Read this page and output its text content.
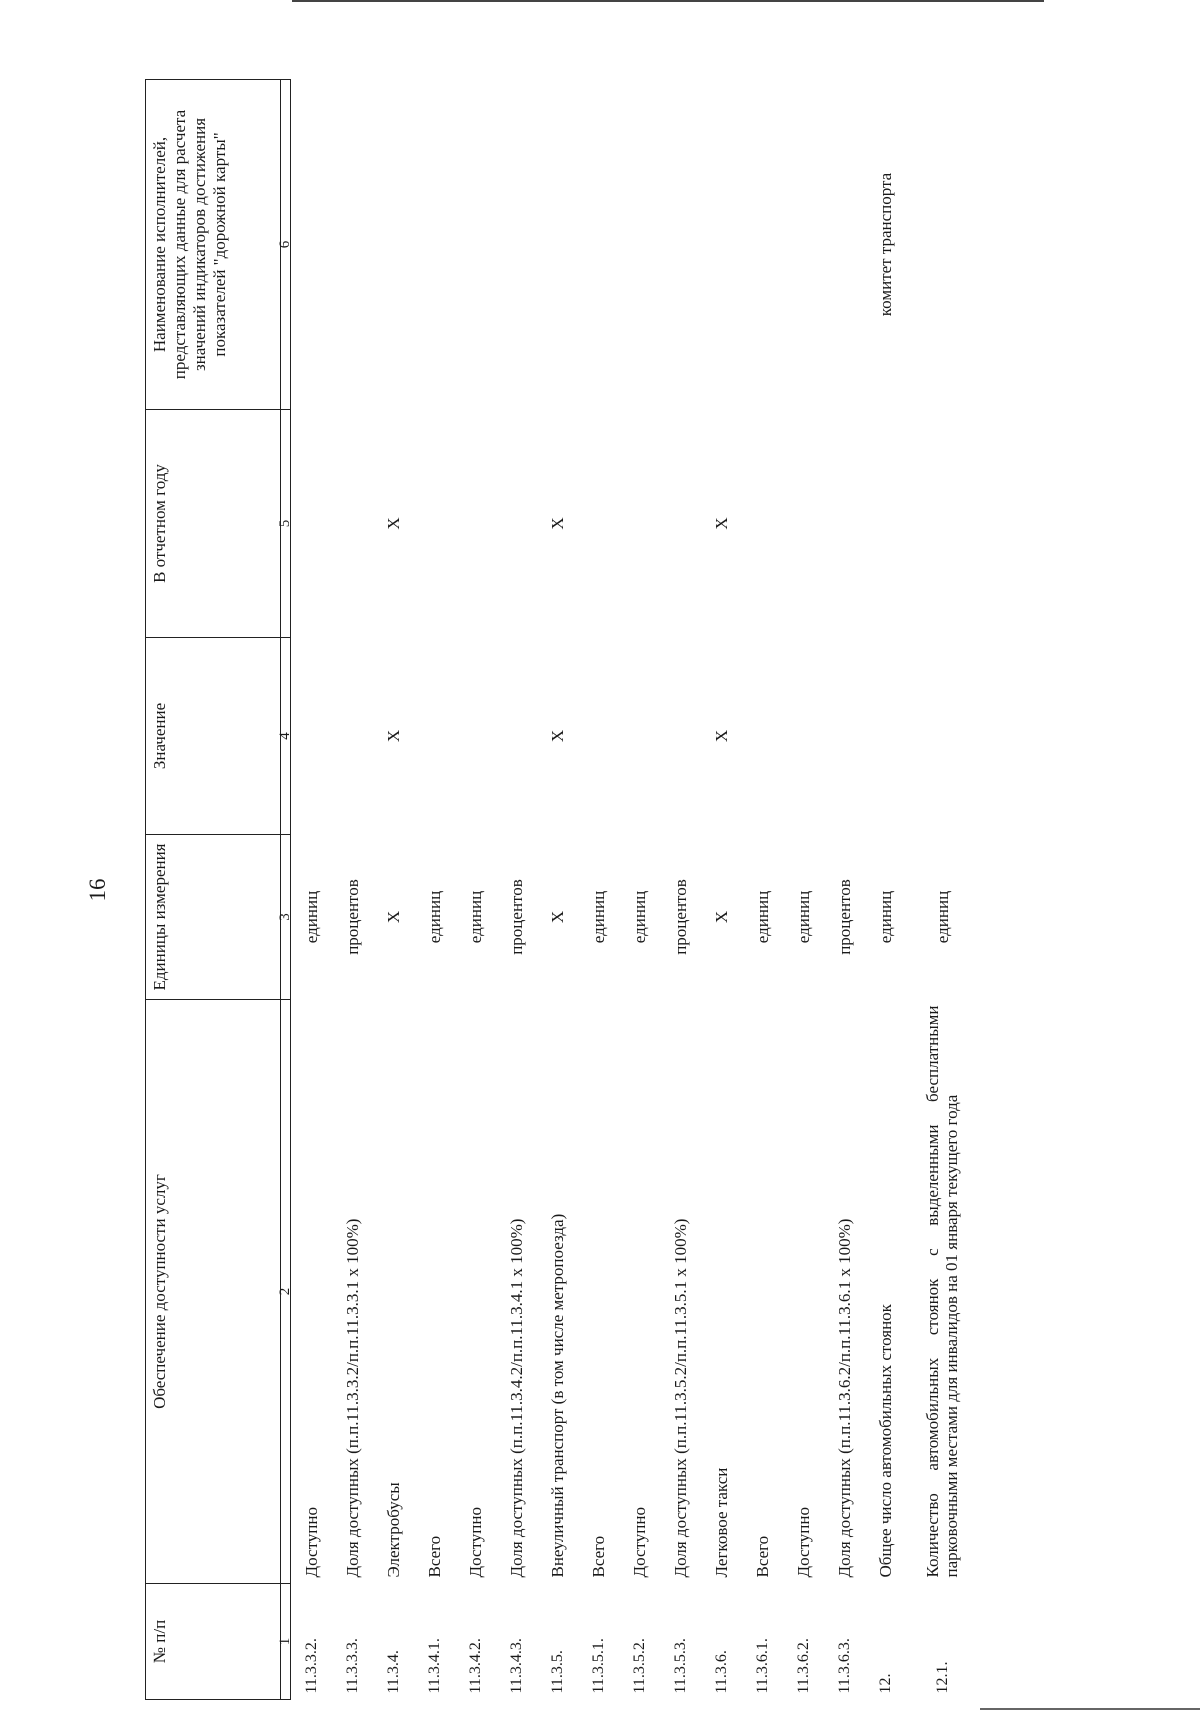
16
№ п/п	Обеспечение доступности услуг	Единицы измерения	Значение	В отчетном году	Наименование исполнителей, представляющих данные для расчета значений индикаторов достижения показателей "дорожной карты"
1	2	3	4	5	6
11.3.3.2.	Доступно	единиц			
11.3.3.3.	Доля доступных (п.п.11.3.3.2/п.п.11.3.3.1 х 100%)	процентов			
11.3.4.	Электробусы	Х	Х	Х	
11.3.4.1.	Всего	единиц			
11.3.4.2.	Доступно	единиц			
11.3.4.3.	Доля доступных (п.п.11.3.4.2/п.п.11.3.4.1 х 100%)	процентов			
11.3.5.	Внеуличный транспорт (в том числе метропоезда)	Х	Х	Х	
11.3.5.1.	Всего	единиц			
11.3.5.2.	Доступно	единиц			
11.3.5.3.	Доля доступных (п.п.11.3.5.2/п.п.11.3.5.1 х 100%)	процентов			
11.3.6.	Легковое такси	Х	Х	Х	
11.3.6.1.	Всего	единиц			
11.3.6.2.	Доступно	единиц			
11.3.6.3.	Доля доступных (п.п.11.3.6.2/п.п.11.3.6.1 х 100%)	процентов			
12.	Общее число автомобильных стоянок	единиц			комитет транспорта
12.1.	Количество автомобильных стоянок с выделенными бесплатными парковочными местами для инвалидов на 01 января текущего года	единиц			
